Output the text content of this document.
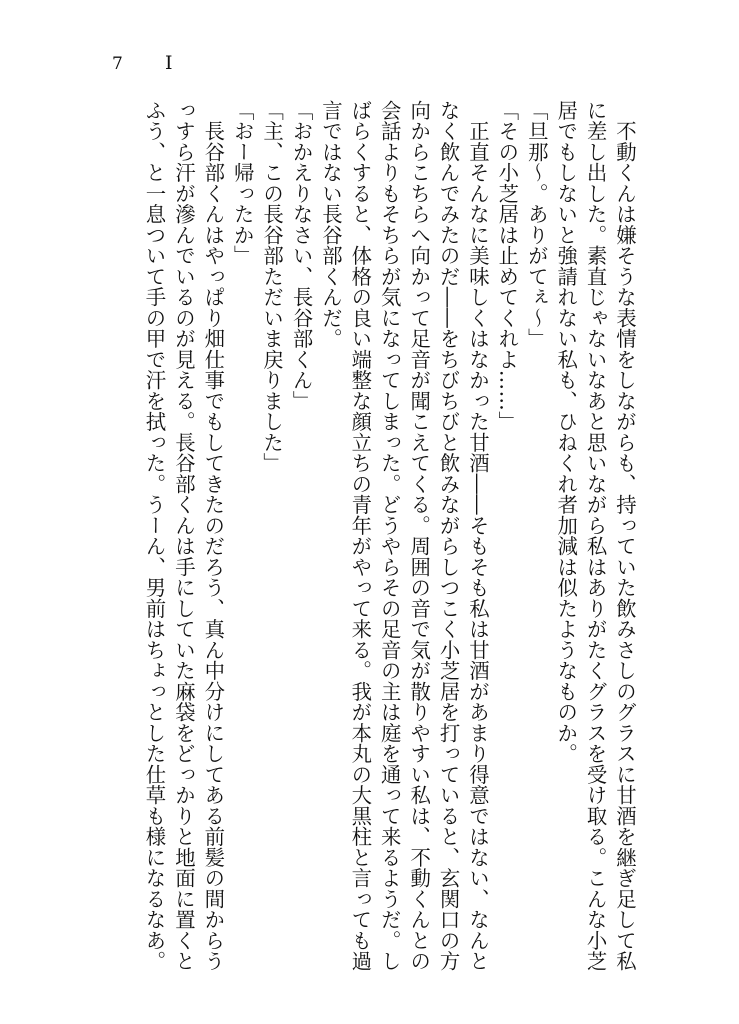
7 I
　不動くんは嫌そうな表情をしながらも、持っていた飲みさしのグラスに甘酒を継ぎ足して私
に差し出した。素直じゃないなあと思いながら私はありがたくグラスを受け取る。こんな小芝
居でもしないと強請れない私も、ひねくれ者加減は似たようなものか。
「旦那〜。ありがてぇ〜」
「その小芝居は止めてくれよ……」
　正直そんなに美味しくはなかった甘酒――そもそも私は甘酒があまり得意ではない、なんと
なく飲んでみたのだ――をちびちびと飲みながらしつこく小芝居を打っていると、玄関口の方
向からこちらへ向かって足音が聞こえてくる。周囲の音で気が散りやすい私は、不動くんとの
会話よりもそちらが気になってしまった。どうやらその足音の主は庭を通って来るようだ。し
ばらくすると、体格の良い端整な顔立ちの青年がやって来る。我が本丸の大黒柱と言っても過
言ではない長谷部くんだ。
「おかえりなさい、長谷部くん」
「主、この長谷部ただいま戻りました」
「おー帰ったか」
　長谷部くんはやっぱり畑仕事でもしてきたのだろう、真ん中分けにしてある前髪の間からう
っすら汗が滲んでいるのが見える。長谷部くんは手にしていた麻袋をどっかりと地面に置くと
ふう、と一息ついて手の甲で汗を拭った。うーん、男前はちょっとした仕草も様になるなあ。
